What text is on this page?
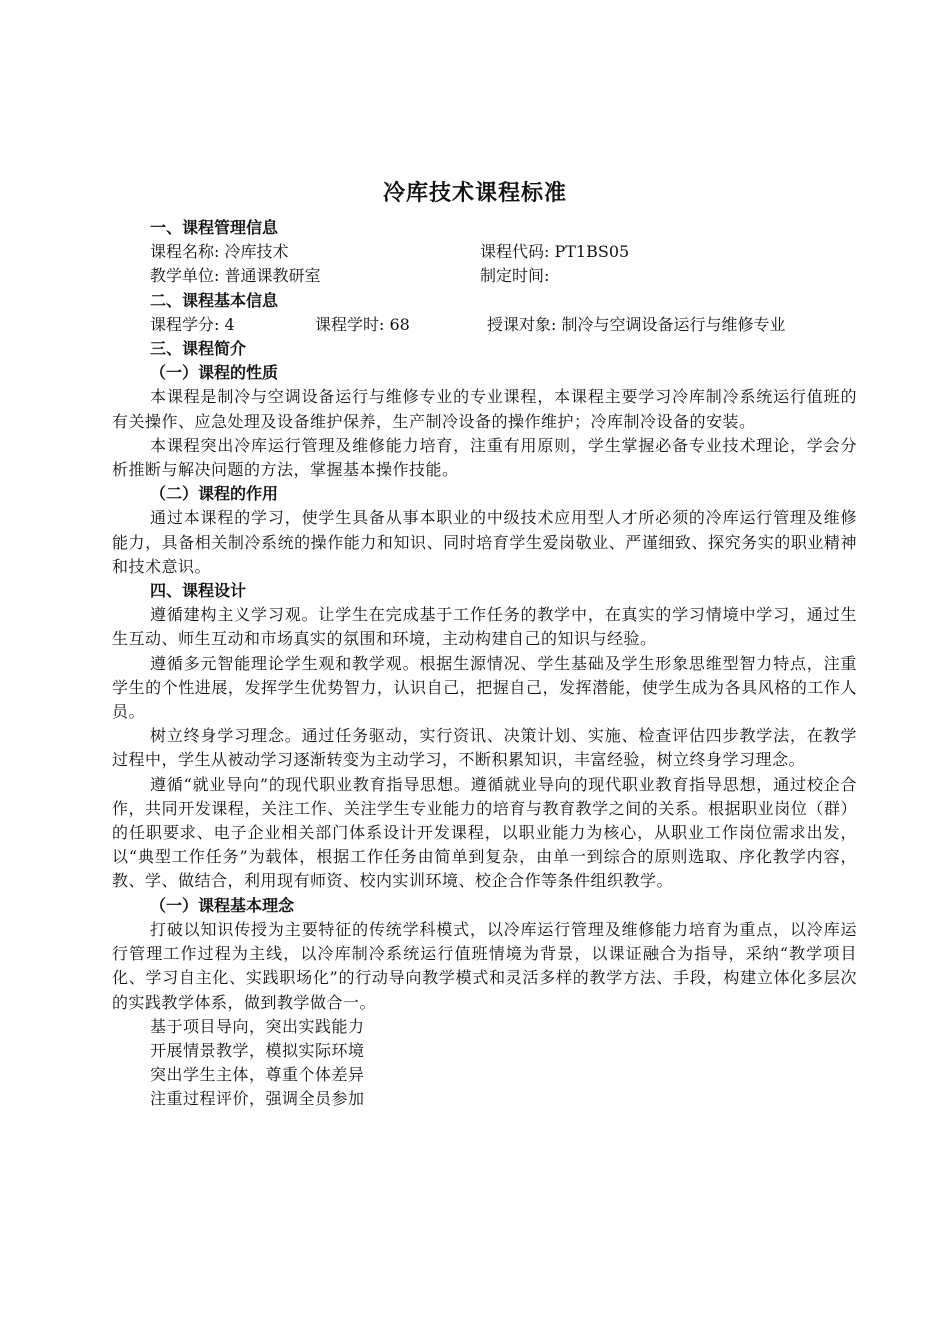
冷库技术课程标准
一、课程管理信息
课程名称: 冷库技术	课程代码: PT1BS05
教学单位: 普通课教研室	制定时间:
二、课程基本信息
课程学分: 4	课程学时: 68	授课对象: 制冷与空调设备运行与维修专业
三、课程简介
（一）课程的性质

本课程是制冷与空调设备运行与维修专业的专业课程，本课程主要学习冷库制冷系统运行值班的有关操作、应急处理及设备维护保养，生产制冷设备的操作维护；冷库制冷设备的安装。

本课程突出冷库运行管理及维修能力培育，注重有用原则，学生掌握必备专业技术理论，学会分析推断与解决问题的方法，掌握基本操作技能。

（二）课程的作用

通过本课程的学习，使学生具备从事本职业的中级技术应用型人才所必须的冷库运行管理及维修能力，具备相关制冷系统的操作能力和知识、同时培育学生爱岗敬业、严谨细致、探究务实的职业精神和技术意识。

四、课程设计

遵循建构主义学习观。让学生在完成基于工作任务的教学中，在真实的学习情境中学习，通过生生互动、师生互动和市场真实的氛围和环境，主动构建自己的知识与经验。

遵循多元智能理论学生观和教学观。根据生源情况、学生基础及学生形象思维型智力特点，注重学生的个性进展，发挥学生优势智力，认识自己，把握自己，发挥潜能，使学生成为各具风格的工作人员。

树立终身学习理念。通过任务驱动，实行资讯、决策计划、实施、检查评估四步教学法，在教学过程中，学生从被动学习逐渐转变为主动学习，不断积累知识，丰富经验，树立终身学习理念。

遵循“就业导向”的现代职业教育指导思想。遵循就业导向的现代职业教育指导思想，通过校企合作，共同开发课程，关注工作、关注学生专业能力的培育与教育教学之间的关系。根据职业岗位（群）的任职要求、电子企业相关部门体系设计开发课程，以职业能力为核心，从职业工作岗位需求出发，以“典型工作任务”为载体，根据工作任务由简单到复杂，由单一到综合的原则选取、序化教学内容，教、学、做结合，利用现有师资、校内实训环境、校企合作等条件组织教学。

（一）课程基本理念

打破以知识传授为主要特征的传统学科模式，以冷库运行管理及维修能力培育为重点，以冷库运行管理工作过程为主线，以冷库制冷系统运行值班情境为背景，以课证融合为指导，采纳“教学项目化、学习自主化、实践职场化”的行动导向教学模式和灵活多样的教学方法、手段，构建立体化多层次的实践教学体系，做到教学做合一。

基于项目导向，突出实践能力

开展情景教学，模拟实际环境

突出学生主体，尊重个体差异

注重过程评价，强调全员参加
